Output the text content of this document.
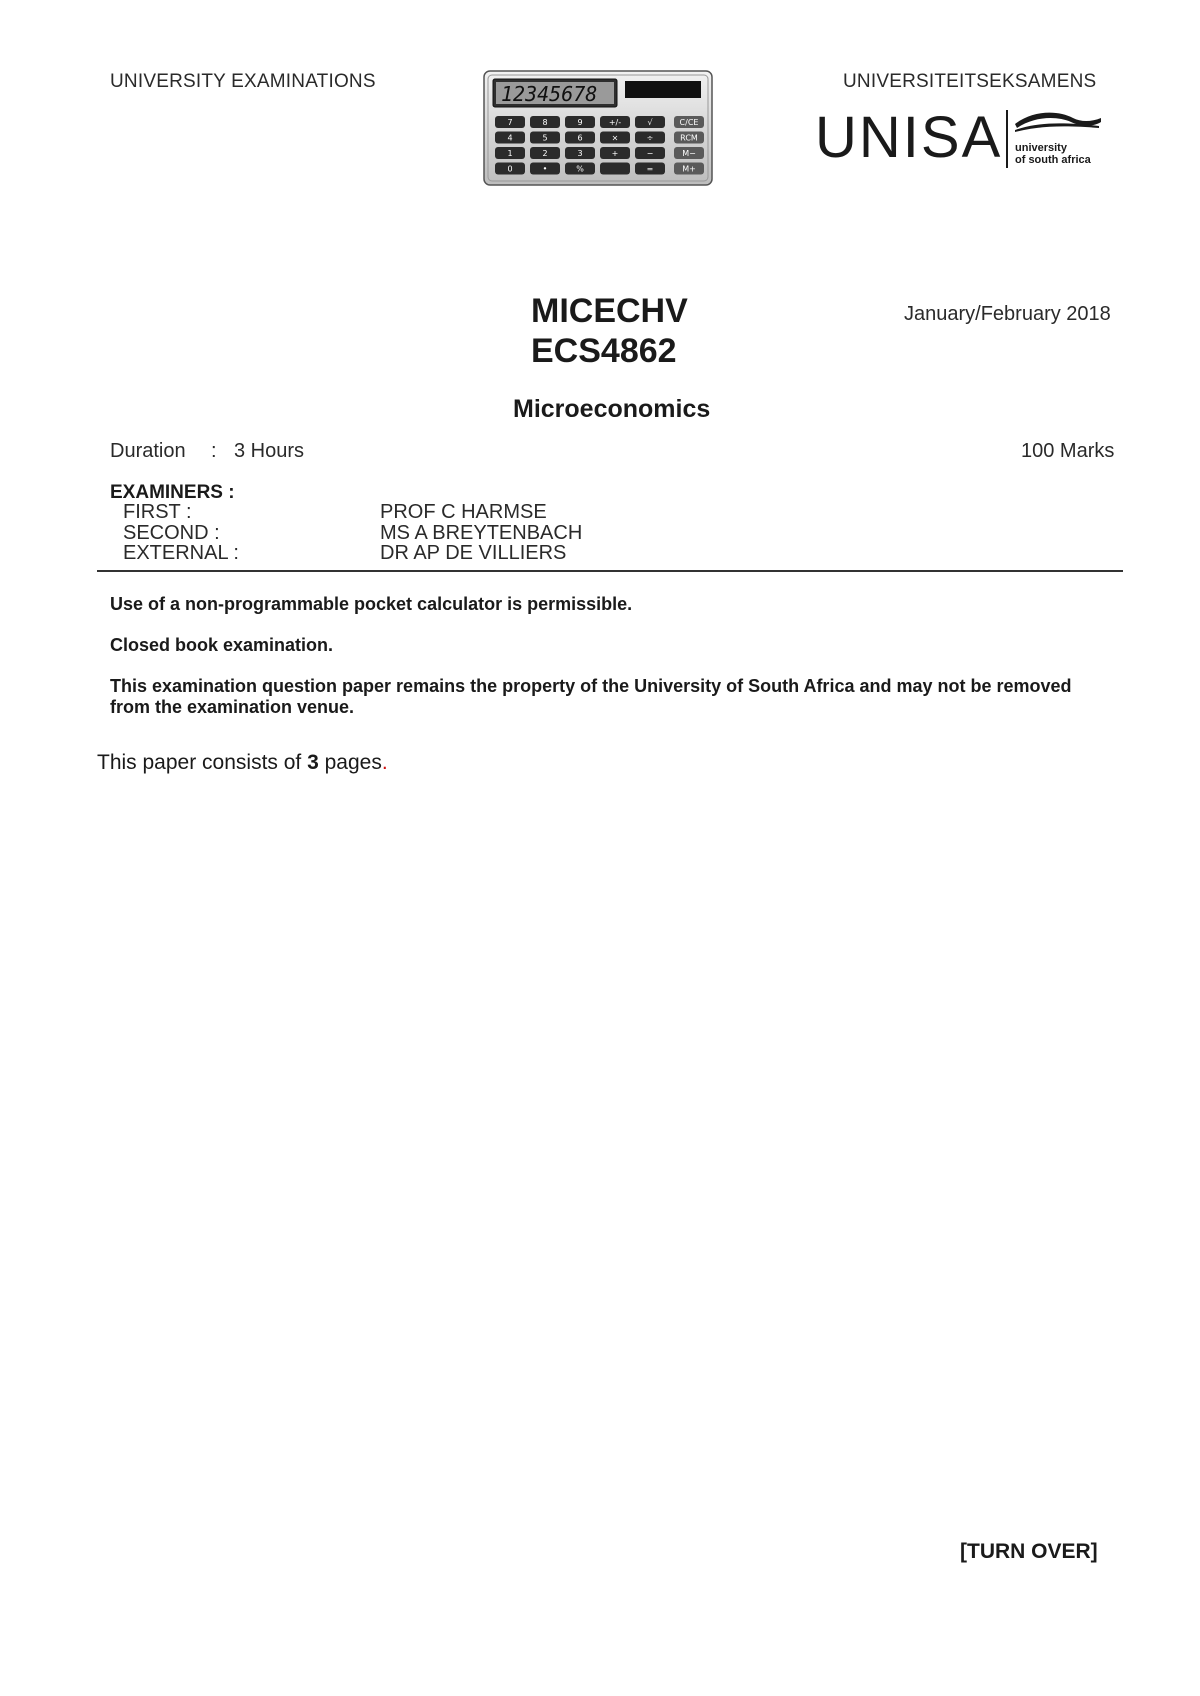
UNIVERSITY EXAMINATIONS	UNIVERSITEITSEKSAMENS
12345678
7	8	9	+/-	√	C/CE
4	5	6	×	÷	RCM
1	2	3	+	−	M−
0	•	%	=	M+ UNISA university
of south africa
MICECHV
ECS4862
January/February 2018
Microeconomics
Duration : 3 Hours	100 Marks
EXAMINERS :
FIRST :	PROF C HARMSE
SECOND :	MS A BREYTENBACH
EXTERNAL :	DR AP DE VILLIERS
Use of a non-programmable pocket calculator is permissible.
Closed book examination.
This examination question paper remains the property of the University of South Africa and may not be removed from the examination venue.
This paper consists of 3 pages.
[TURN OVER]
